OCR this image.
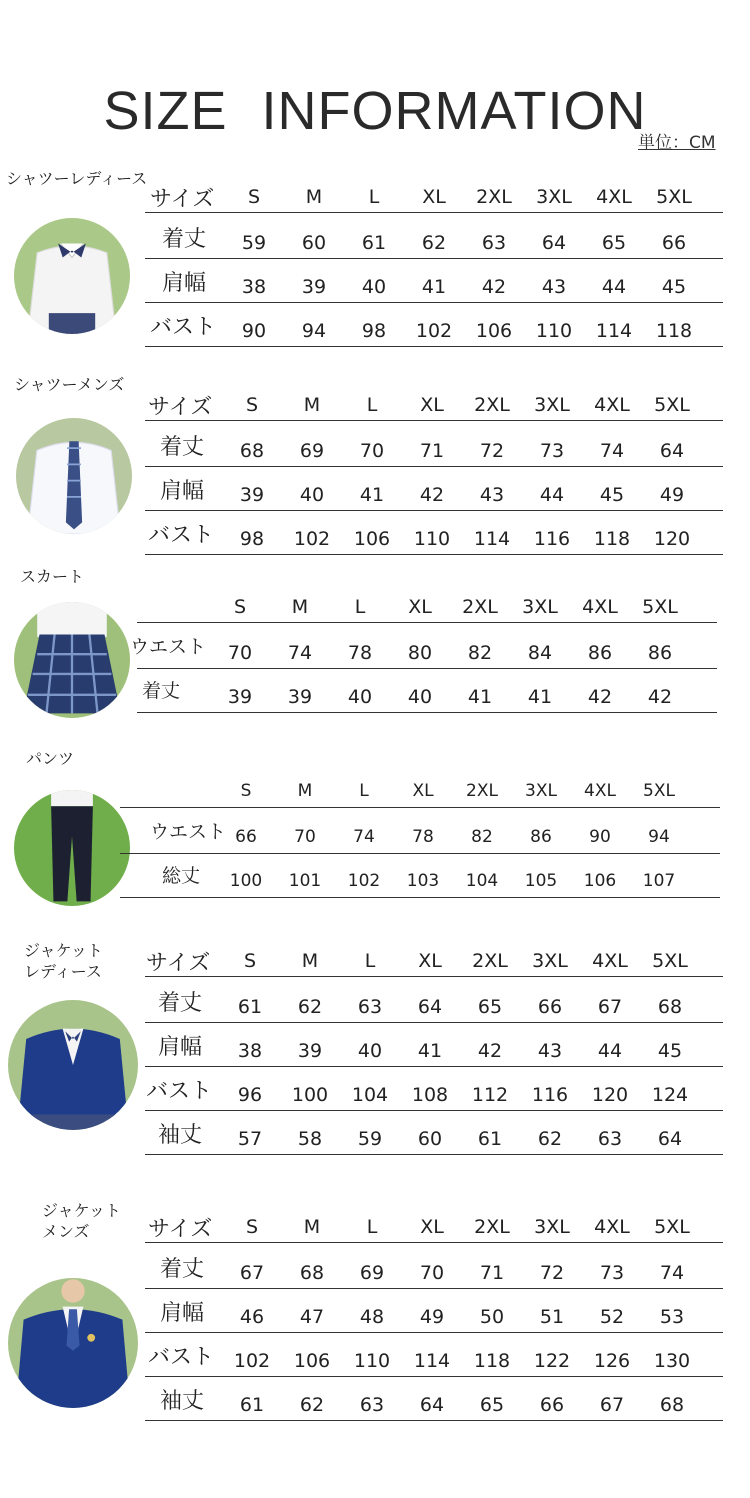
SIZE INFORMATION
単位：CM
シャツーレディース
サイズ	S	M	L	XL	2XL	3XL	4XL	5XL
着丈	59	60	61	62	63	64	65	66
肩幅	38	39	40	41	42	43	44	45
バスト	90	94	98	102	106	110	114	118
シャツーメンズ
サイズ	S	M	L	XL	2XL	3XL	4XL	5XL
着丈	68	69	70	71	72	73	74	64
肩幅	39	40	41	42	43	44	45	49
バスト	98	102	106	110	114	116	118	120
スカート
S	M	L	XL	2XL	3XL	4XL	5XL
ウエスト	70	74	78	80	82	84	86	86
着丈	39	39	40	40	41	41	42	42
パンツ
S	M	L	XL	2XL	3XL	4XL	5XL
ウエスト 66	70	74	78	82	86	90	94
総丈	100	101	102	103	104	105	106	107
ジャケット
レディース サイズ	S	M	L	XL	2XL	3XL	4XL	5XL
着丈	61	62	63	64	65	66	67	68
肩幅	38	39	40	41	42	43	44	45
バスト	96	100	104	108	112	116	120	124
袖丈	57	58	59	60	61	62	63	64
ジャケット
メンズ	サイズ	S	M	L	XL	2XL	3XL	4XL	5XL
着丈	67	68	69	70	71	72	73	74
肩幅	46	47	48	49	50	51	52	53
バスト	102	106	110	114	118	122	126	130
袖丈	61	62	63	64	65	66	67	68
